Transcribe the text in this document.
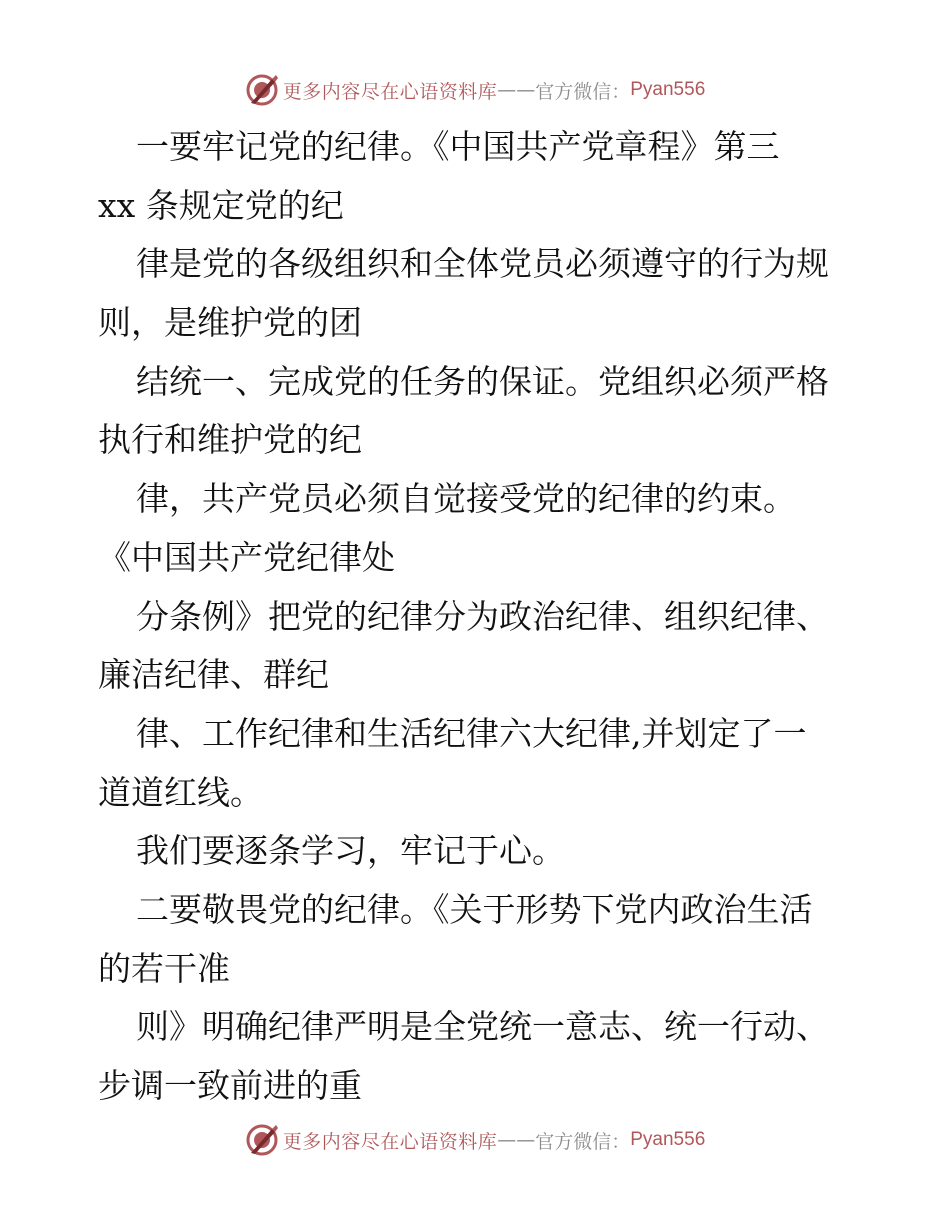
更多内容尽在心语资料库 —— 官方微信： Pyan556
一要牢记党的纪律。《中国共产党章程》第三
xx 条规定党的纪
律是党的各级组织和全体党员必须遵守的行为规
则，是维护党的团
结统一、完成党的任务的保证。党组织必须严格
执行和维护党的纪
律，共产党员必须自觉接受党的纪律的约束。
《中国共产党纪律处
分条例》把党的纪律分为政治纪律、组织纪律、
廉洁纪律、群纪
律、工作纪律和生活纪律六大纪律,并划定了一
道道红线。
我们要逐条学习，牢记于心。
二要敬畏党的纪律。《关于形势下党内政治生活
的若干准
则》明确纪律严明是全党统一意志、统一行动、
步调一致前进的重
更多内容尽在心语资料库 —— 官方微信： Pyan556
